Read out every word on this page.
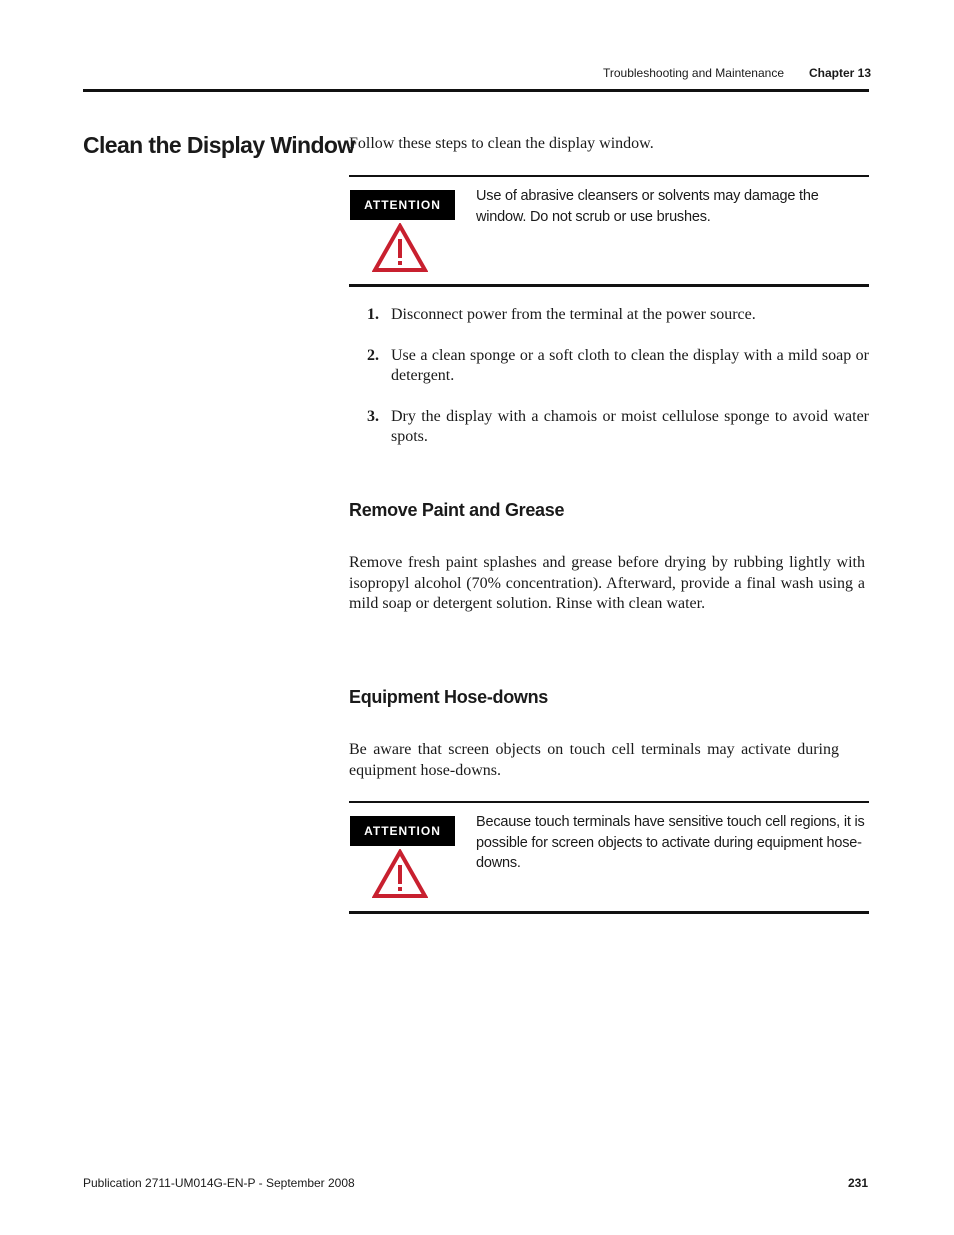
Troubleshooting and Maintenance Chapter 13
Clean the Display Window

Follow these steps to clean the display window.

ATTENTION

Use of abrasive cleansers or solvents may damage the window. Do not scrub or use brushes.

1. Disconnect power from the terminal at the power source.
2. Use a clean sponge or a soft cloth to clean the display with a mild soap or detergent.
3. Dry the display with a chamois or moist cellulose sponge to avoid water spots.
Remove Paint and Grease

Remove fresh paint splashes and grease before drying by rubbing lightly with isopropyl alcohol (70% concentration). Afterward, provide a final wash using a mild soap or detergent solution. Rinse with clean water.

Equipment Hose-downs

Be aware that screen objects on touch cell terminals may activate during equipment hose-downs.

ATTENTION

Because touch terminals have sensitive touch cell regions, it is possible for screen objects to activate during equipment hose-downs.

Publication 2711-UM014G-EN-P - September 2008	231
